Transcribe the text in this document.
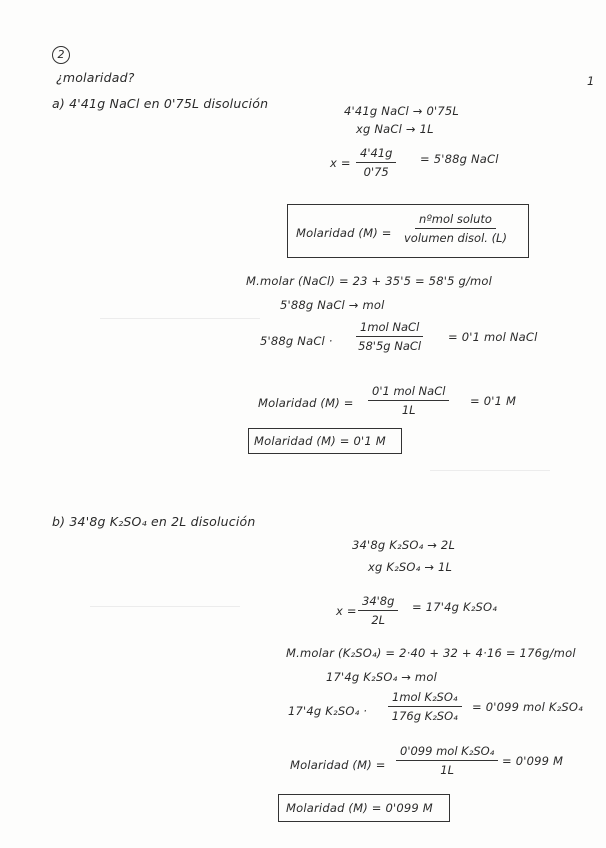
2
¿molaridad?	1
a) 4'41g NaCl en 0'75L disolución	4'41g NaCl → 0'75L
xg NaCl → 1L
$x = \frac{4'41g}{0'75} = 5'88g$ NaCl
Molaridad (M) =
nºmol soluto
volumen disol. (L)
M.molar (NaCl) = 23 + 35'5 = 58'5 g/mol
5'88g NaCl → mol
5'88g NaCl ·
1mol NaCl
58'5g NaCl
= 0'1 mol NaCl
Molaridad (M) =
0'1 mol NaCl
1L
= 0'1 M
Molaridad (M) = 0'1 M
b) 34'8g K₂SO₄ en 2L disolución
34'8g K₂SO₄ → 2L
xg K₂SO₄ → 1L
$x = \frac{34'8g}{2L} = 17'4g$ K₂SO₄
M.molar (K₂SO₄) = 2·40 + 32 + 4·16 = 176g/mol
17'4g K₂SO₄ → mol
17'4g K₂SO₄ ·
1mol K₂SO₄
176g K₂SO₄
= 0'099 mol K₂SO₄
Molaridad (M) =
0'099 mol K₂SO₄
1L
= 0'099 M
Molaridad (M) = 0'099 M
